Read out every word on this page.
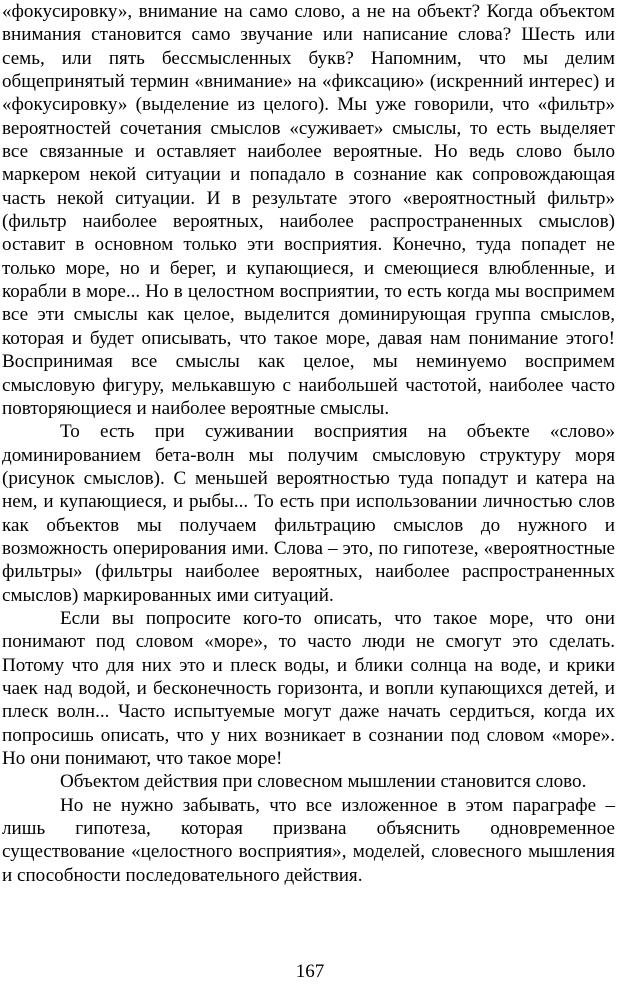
«фокусировку», внимание на само слово, а не на объект? Когда объектом внимания становится само звучание или написание слова? Шесть или семь, или пять бессмысленных букв? Напомним, что мы делим общепринятый термин «внимание» на «фиксацию» (искренний интерес) и «фокусировку» (выделение из целого). Мы уже говорили, что «фильтр» вероятностей сочетания смыслов «суживает» смыслы, то есть выделяет все связанные и оставляет наиболее вероятные. Но ведь слово было маркером некой ситуации и попадало в сознание как сопровождающая часть некой ситуации. И в результате этого «вероятностный фильтр» (фильтр наиболее вероятных, наиболее распространенных смыслов) оставит в основном только эти восприятия. Конечно, туда попадет не только море, но и берег, и купающиеся, и смеющиеся влюбленные, и корабли в море... Но в целостном восприятии, то есть когда мы воспримем все эти смыслы как целое, выделится доминирующая группа смыслов, которая и будет описывать, что такое море, давая нам понимание этого! Воспринимая все смыслы как целое, мы неминуемо воспримем смысловую фигуру, мелькавшую с наибольшей частотой, наиболее часто повторяющиеся и наиболее вероятные смыслы.

То есть при суживании восприятия на объекте «слово» доминированием бета-волн мы получим смысловую структуру моря (рисунок смыслов). С меньшей вероятностью туда попадут и катера на нем, и купающиеся, и рыбы... То есть при использовании личностью слов как объектов мы получаем фильтрацию смыслов до нужного и возможность оперирования ими. Слова – это, по гипотезе, «вероятностные фильтры» (фильтры наиболее вероятных, наиболее распространенных смыслов) маркированных ими ситуаций.

Если вы попросите кого-то описать, что такое море, что они понимают под словом «море», то часто люди не смогут это сделать. Потому что для них это и плеск воды, и блики солнца на воде, и крики чаек над водой, и бесконечность горизонта, и вопли купающихся детей, и плеск волн... Часто испытуемые могут даже начать сердиться, когда их попросишь описать, что у них возникает в сознании под словом «море». Но они понимают, что такое море!

Объектом действия при словесном мышлении становится слово.

Но не нужно забывать, что все изложенное в этом параграфе – лишь гипотеза, которая призвана объяснить одновременное существование «целостного восприятия», моделей, словесного мышления и способности последовательного действия.

167
